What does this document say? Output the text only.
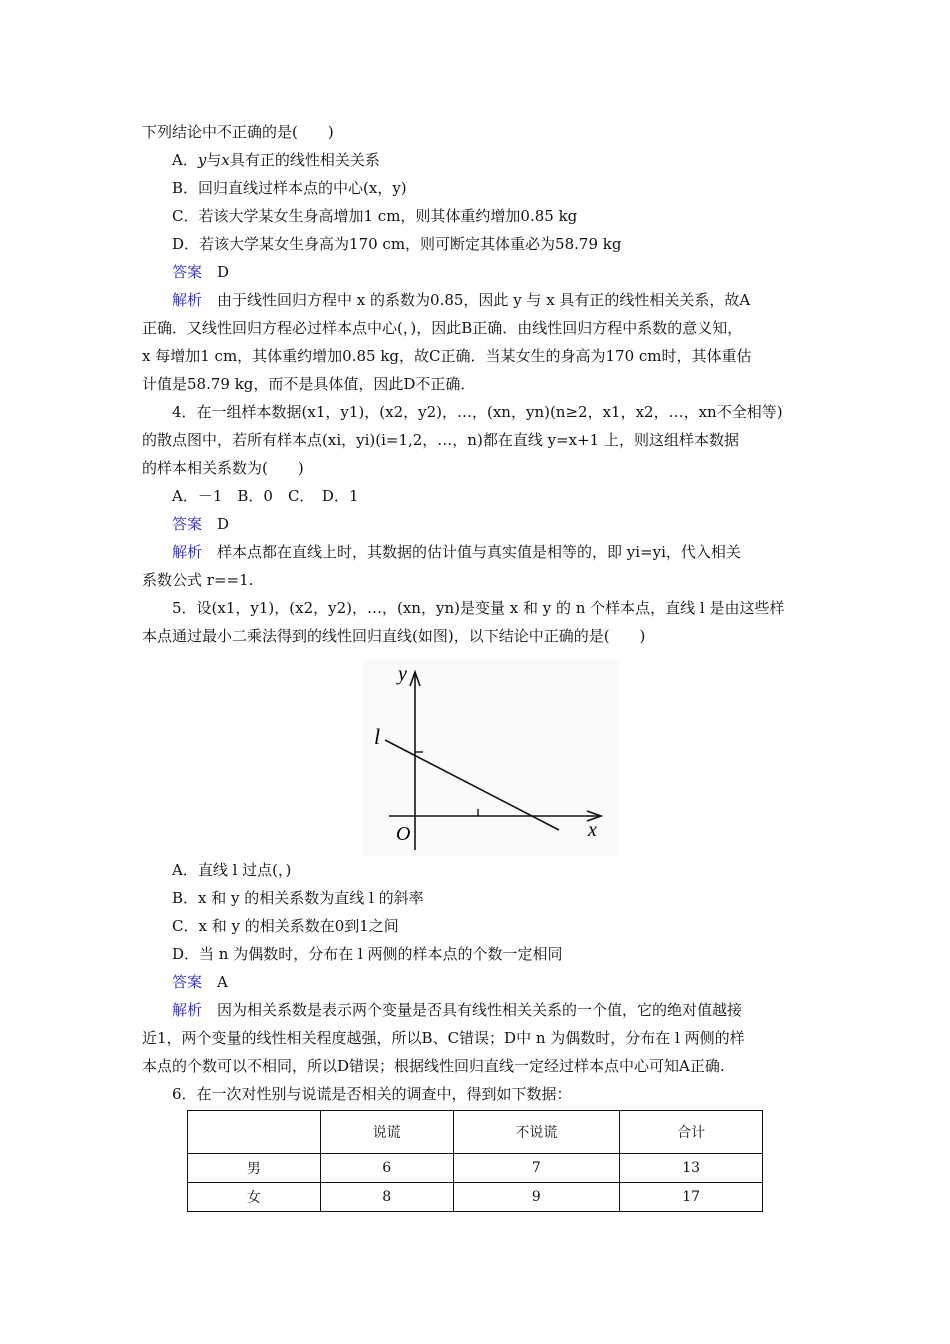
下列结论中不正确的是(　　)
A．y与x具有正的线性相关关系
B．回归直线过样本点的中心(x，y)
C．若该大学某女生身高增加1 cm，则其体重约增加0.85 kg
D．若该大学某女生身高为170 cm，则可断定其体重必为58.79 kg
答案　 D
解析　 由于线性回归方程中 x 的系数为0.85，因此 y 与 x 具有正的线性相关关系，故A
正确．又线性回归方程必过样本点中心(，)，因此B正确．由线性回归方程中系数的意义知，
x 每增加1 cm，其体重约增加0.85 kg，故C正确．当某女生的身高为170 cm时，其体重估
计值是58.79 kg，而不是具体值，因此D不正确．
4．在一组样本数据(x1，y1)，(x2，y2)，…，(xn，yn)(n≥2，x1，x2，…，xn不全相等)
的散点图中，若所有样本点(xi，yi)(i=1,2，…，n)都在直线 y=x+1 上，则这组样本数据
的样本相关系数为(　　)
A．－1　B．0　C．　D．1
答案　 D
解析　 样本点都在直线上时，其数据的估计值与真实值是相等的，即 yi=yi，代入相关
系数公式 r==1.
5．设(x1，y1)，(x2，y2)，…，(xn，yn)是变量 x 和 y 的 n 个样本点，直线 l 是由这些样
本点通过最小二乘法得到的线性回归直线(如图)，以下结论中正确的是(　　)
y
x
O
l
A．直线 l 过点(，)
B．x 和 y 的相关系数为直线 l 的斜率
C．x 和 y 的相关系数在0到1之间
D．当 n 为偶数时，分布在 l 两侧的样本点的个数一定相同
答案　 A
解析　 因为相关系数是表示两个变量是否具有线性相关关系的一个值，它的绝对值越接
近1，两个变量的线性相关程度越强，所以B、C错误；D中 n 为偶数时，分布在 l 两侧的样
本点的个数可以不相同，所以D错误；根据线性回归直线一定经过样本点中心可知A正确.
6．在一次对性别与说谎是否相关的调查中，得到如下数据：
	说谎	不说谎	合计
男	6	7	13
女	8	9	17
